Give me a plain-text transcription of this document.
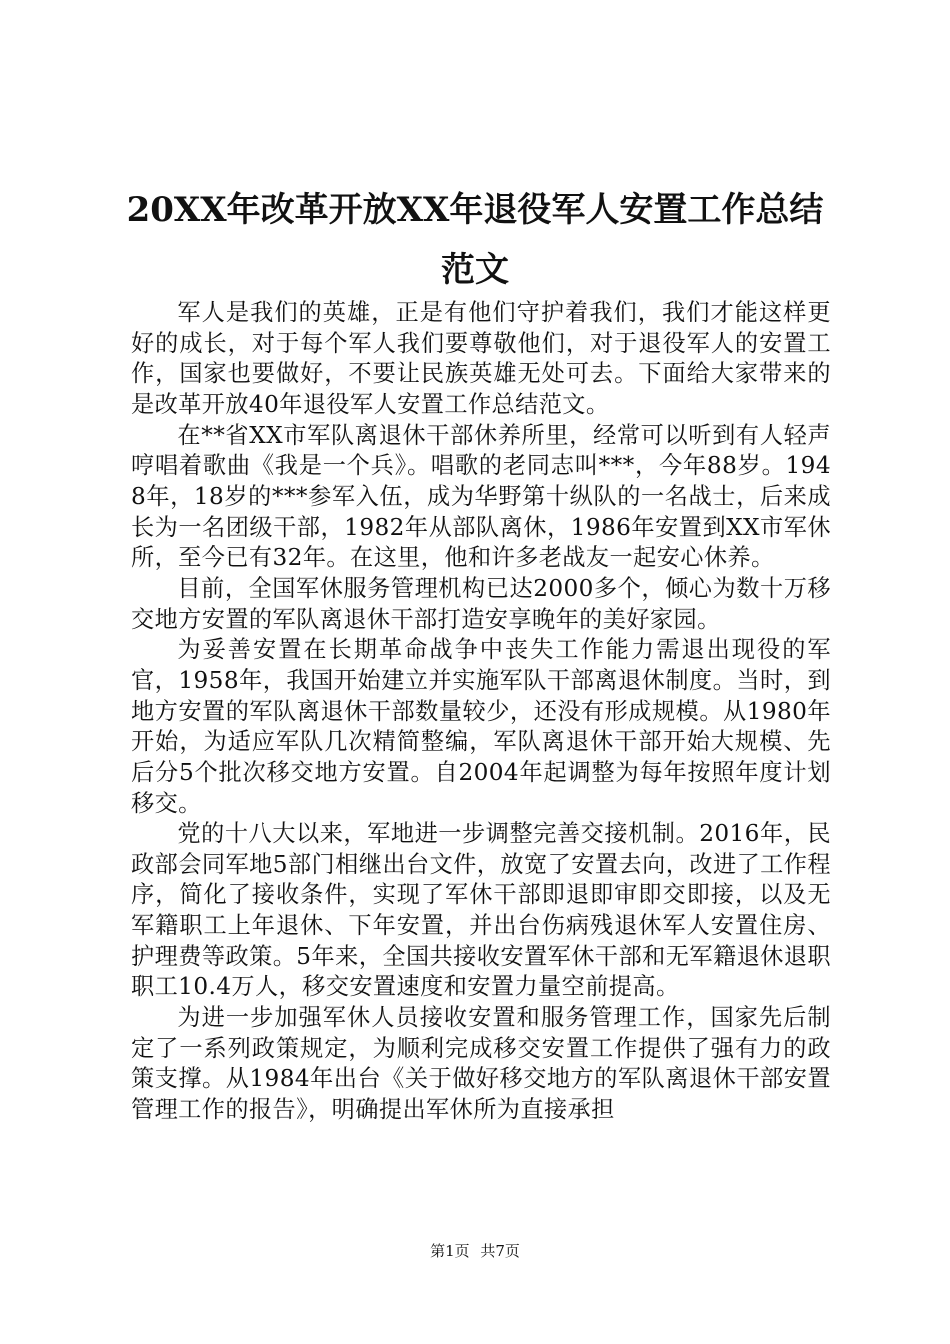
20XX年改革开放XX年退役军人安置工作总结范文

军人是我们的英雄，正是有他们守护着我们，我们才能这样更好的成长，对于每个军人我们要尊敬他们，对于退役军人的安置工作，国家也要做好，不要让民族英雄无处可去。下面给大家带来的是改革开放40年退役军人安置工作总结范文。

在**省XX市军队离退休干部休养所里，经常可以听到有人轻声哼唱着歌曲《我是一个兵》。唱歌的老同志叫***，今年88岁。1948年，18岁的***参军入伍，成为华野第十纵队的一名战士，后来成长为一名团级干部，1982年从部队离休，1986年安置到XX市军休所，至今已有32年。在这里，他和许多老战友一起安心休养。

目前，全国军休服务管理机构已达2000多个，倾心为数十万移交地方安置的军队离退休干部打造安享晚年的美好家园。

为妥善安置在长期革命战争中丧失工作能力需退出现役的军官，1958年，我国开始建立并实施军队干部离退休制度。当时，到地方安置的军队离退休干部数量较少，还没有形成规模。从1980年开始，为适应军队几次精简整编，军队离退休干部开始大规模、先后分5个批次移交地方安置。自2004年起调整为每年按照年度计划移交。

党的十八大以来，军地进一步调整完善交接机制。2016年，民政部会同军地5部门相继出台文件，放宽了安置去向，改进了工作程序，简化了接收条件，实现了军休干部即退即审即交即接，以及无军籍职工上年退休、下年安置，并出台伤病残退休军人安置住房、护理费等政策。5年来，全国共接收安置军休干部和无军籍退休退职职工10.4万人，移交安置速度和安置力量空前提高。

为进一步加强军休人员接收安置和服务管理工作，国家先后制定了一系列政策规定，为顺利完成移交安置工作提供了强有力的政策支撑。从1984年出台《关于做好移交地方的军队离退休干部安置管理工作的报告》，明确提出军休所为直接承担

第1页 共7页
